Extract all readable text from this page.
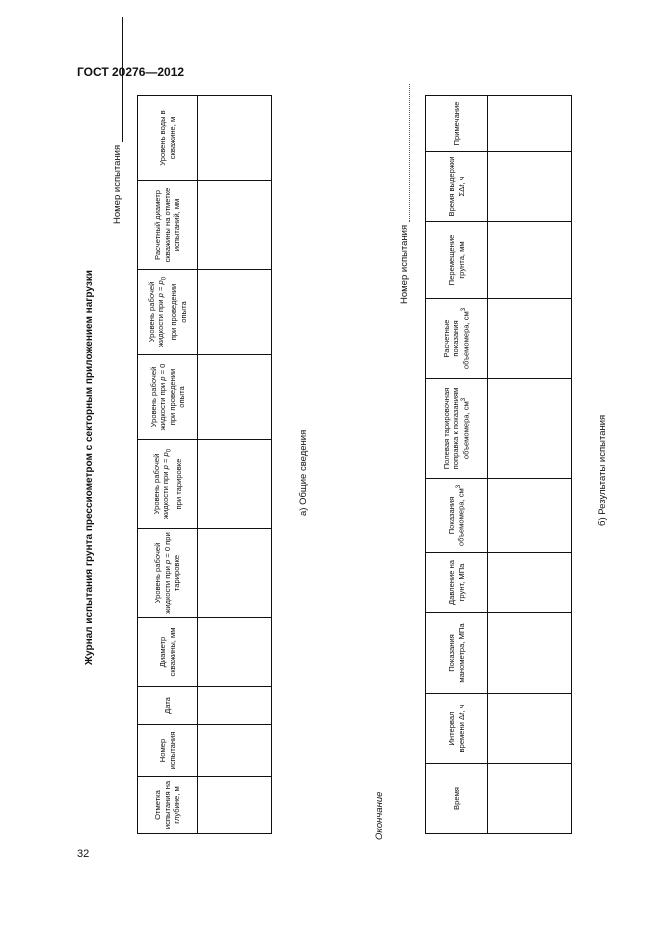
ГОСТ 20276—2012
32
Журнал испытания грунта прессиометром с секторным приложением нагрузки
Номер испытания
Отметка испытания на глубине, м	Номер испытания	Дата	Диаметр скважины, мм	Уровень рабочей жидкости при p = 0 при тарировке	Уровень рабочей жидкости при $p = p_0$ при тарировке	Уровень рабочей жидкости при p = 0 при проведении опыта	Уровень рабочей жидкости при $p = p_0$ при проведении опыта	Расчетный диаметр скважины на отметке испытаний, мм	Уровень воды в скважине, м

а) Общие сведения
Окончание
Номер испытания
Время	Интервал времени Δt, ч	Показания манометра, МПа	Давление на грунт, МПа	Показания объемомера, $см^3$	Полевая тарировочная поправка к показаниям объемомера, $см^3$	Расчетные показания объемомера, $см^3$	Перемещение грунта, мм	Время выдержки ΣΔt, ч	Примечание

б) Результаты испытания
